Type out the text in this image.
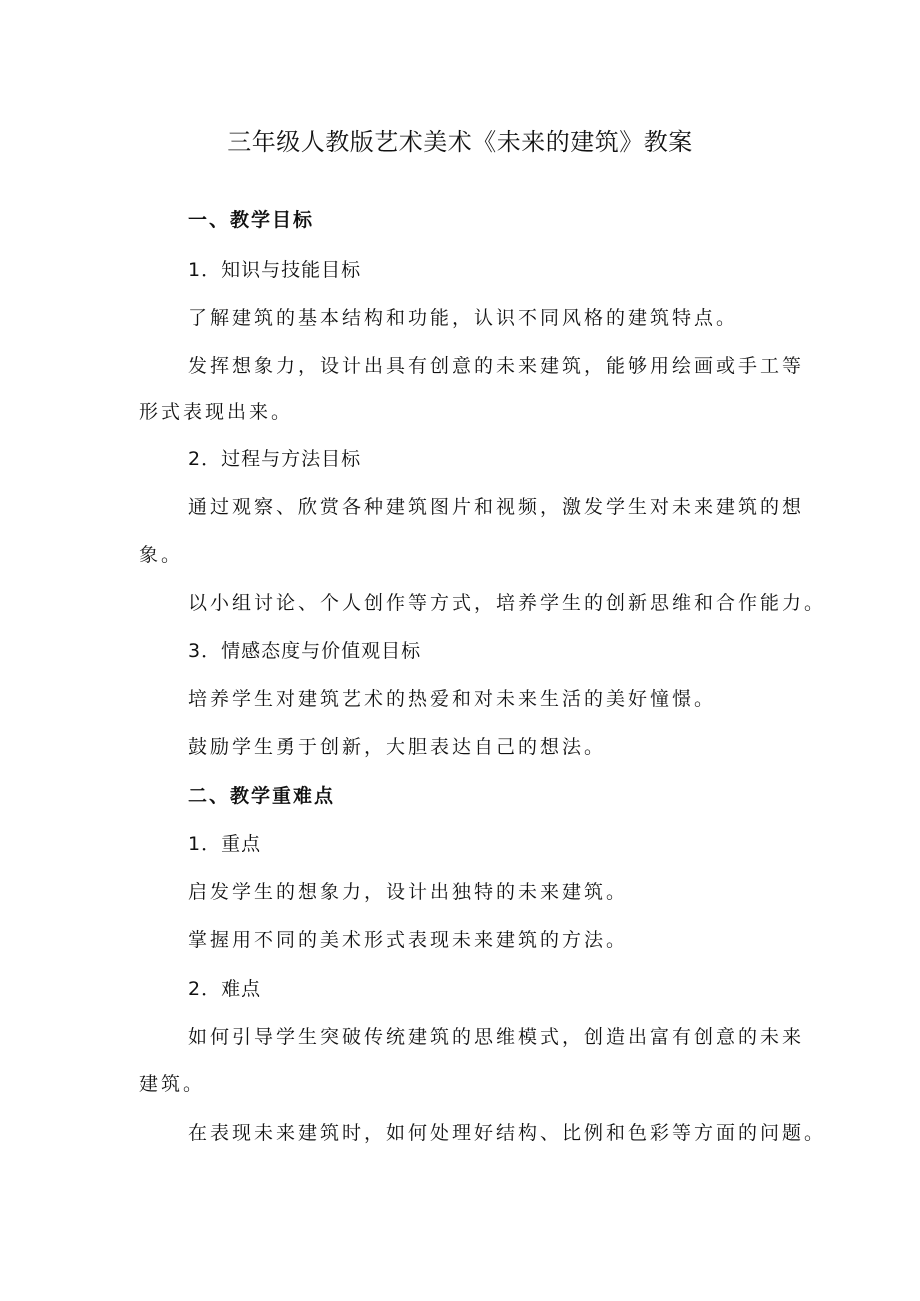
三年级人教版艺术美术《未来的建筑》教案

一、教学目标

1．知识与技能目标

了解建筑的基本结构和功能，认识不同风格的建筑特点。

发挥想象力，设计出具有创意的未来建筑，能够用绘画或手工等

形式表现出来。

2．过程与方法目标

通过观察、欣赏各种建筑图片和视频，激发学生对未来建筑的想

象。

以小组讨论、个人创作等方式，培养学生的创新思维和合作能力。

3．情感态度与价值观目标

培养学生对建筑艺术的热爱和对未来生活的美好憧憬。

鼓励学生勇于创新，大胆表达自己的想法。

二、教学重难点

1．重点

启发学生的想象力，设计出独特的未来建筑。

掌握用不同的美术形式表现未来建筑的方法。

2．难点

如何引导学生突破传统建筑的思维模式，创造出富有创意的未来

建筑。

在表现未来建筑时，如何处理好结构、比例和色彩等方面的问题。
